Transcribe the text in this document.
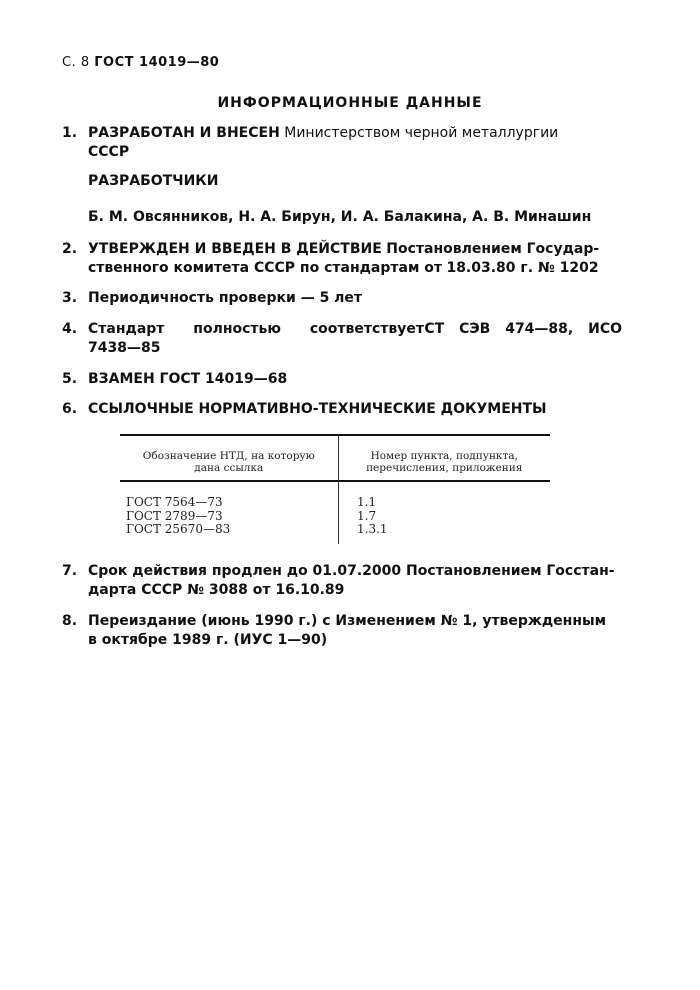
С. 8 ГОСТ 14019—80
ИНФОРМАЦИОННЫЕ ДАННЫЕ
1. РАЗРАБОТАН И ВНЕСЕН Министерством черной металлургии
СССР
РАЗРАБОТЧИКИ
Б. М. Овсянников, Н. А. Бирун, И. А. Балакина, А. В. Минашин
2. УТВЕРЖДЕН И ВВЕДЕН В ДЕЙСТВИЕ Постановлением Государ-
ственного комитета СССР по стандартам от 18.03.80 г. № 1202
3. Периодичность проверки — 5 лет
4. Стандарт полностью соответствует СТ СЭВ 474—88, ИСО
7438—85
5. ВЗАМЕН ГОСТ 14019—68
6. ССЫЛОЧНЫЕ НОРМАТИВНО-ТЕХНИЧЕСКИЕ ДОКУМЕНТЫ
Обозначение НТД, на которую
дана ссылка
Номер пункта, подпункта,
перечисления, приложения
ГОСТ 7564—73
ГОСТ 2789—73
ГОСТ 25670—83
1.1
1.7
1.3.1
7. Срок действия продлен до 01.07.2000 Постановлением Госстан-
дарта СССР № 3088 от 16.10.89
8. Переиздание (июнь 1990 г.) с Изменением № 1, утвержденным
в октябре 1989 г. (ИУС 1—90)
